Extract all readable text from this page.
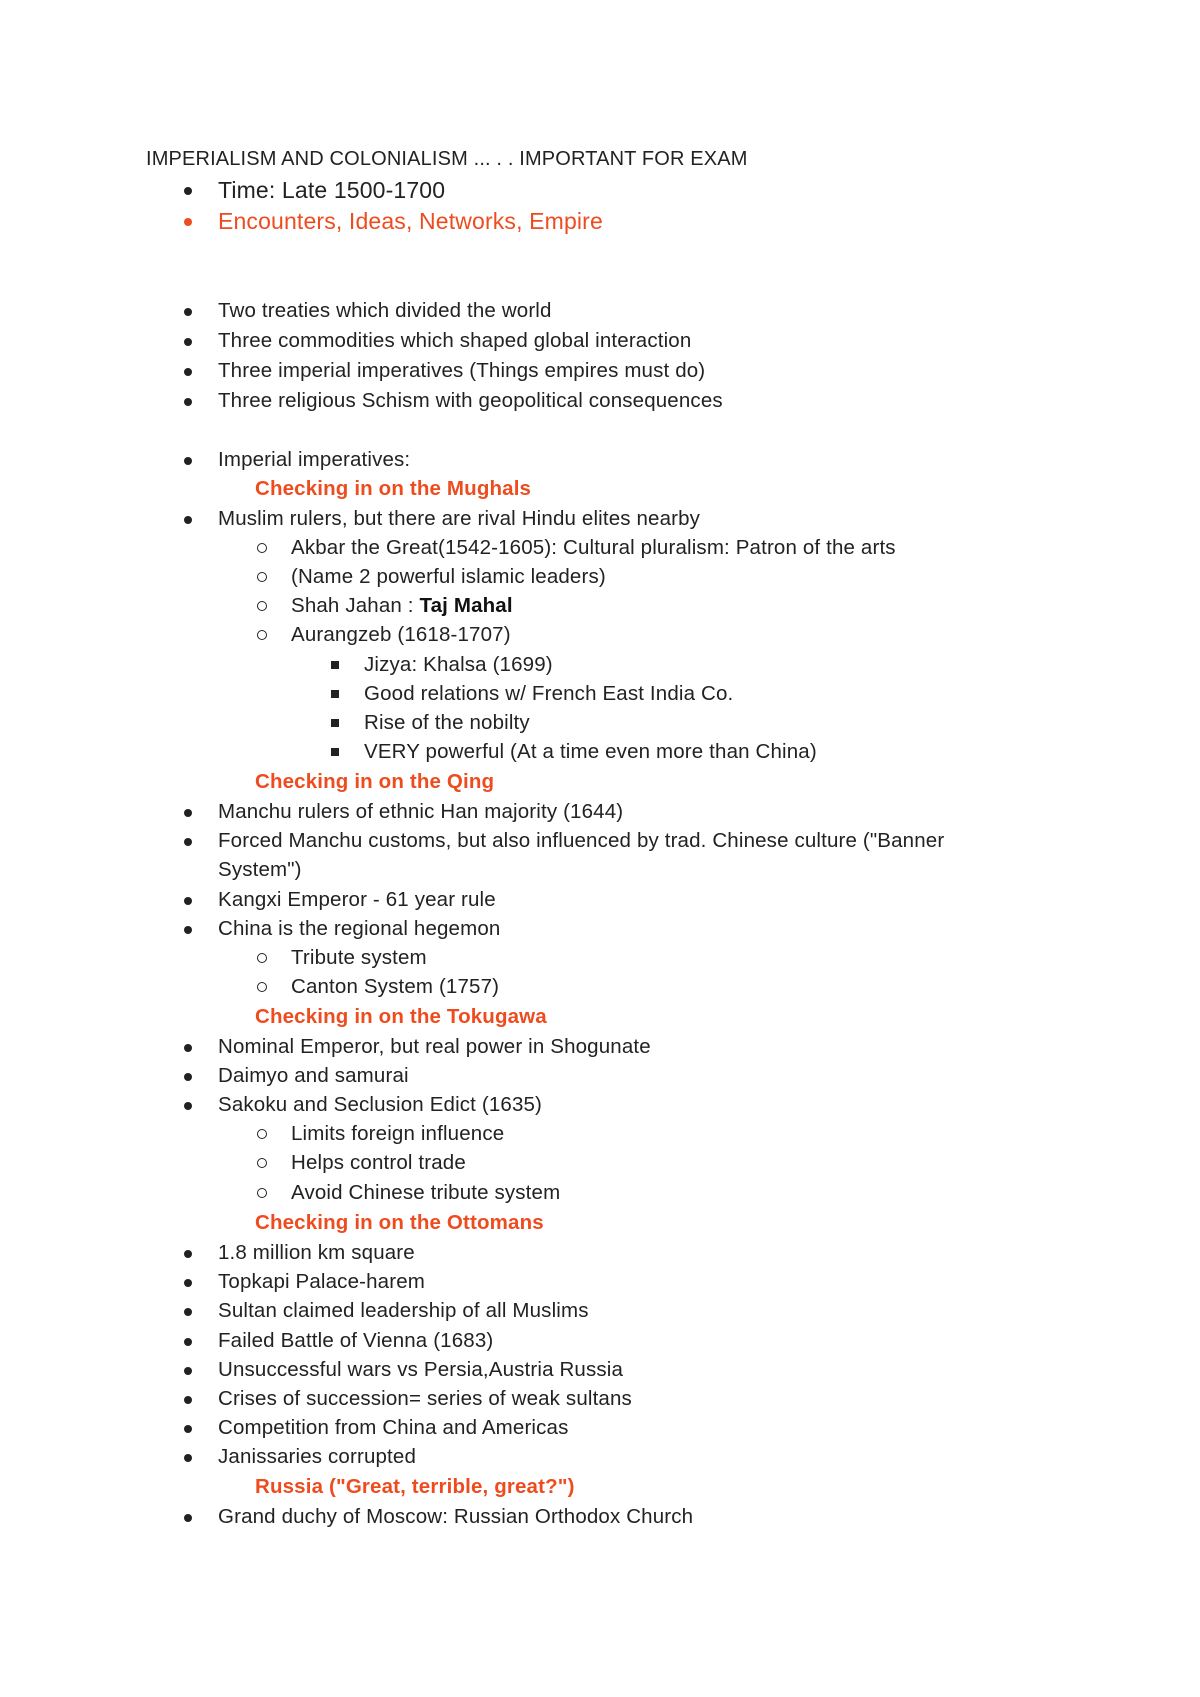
IMPERIALISM AND COLONIALISM ... . . IMPORTANT FOR EXAM
Time: Late 1500-1700
Encounters, Ideas, Networks, Empire
Two treaties which divided the world
Three commodities which shaped global interaction
Three imperial imperatives (Things empires must do)
Three religious Schism with geopolitical consequences
Imperial imperatives:
Checking in on the Mughals
Muslim rulers, but there are rival Hindu elites nearby
Akbar the Great(1542-1605): Cultural pluralism: Patron of the arts
(Name 2 powerful islamic leaders)
Shah Jahan : Taj Mahal
Aurangzeb (1618-1707)
Jizya: Khalsa (1699)
Good relations w/ French East India Co.
Rise of the nobilty
VERY powerful (At a time even more than China)
Checking in on the Qing
Manchu rulers of ethnic Han majority (1644)
Forced Manchu customs, but also influenced by trad. Chinese culture ("Banner
System")
Kangxi Emperor - 61 year rule
China is the regional hegemon
Tribute system
Canton System (1757)
Checking in on the Tokugawa
Nominal Emperor, but real power in Shogunate
Daimyo and samurai
Sakoku and Seclusion Edict (1635)
Limits foreign influence
Helps control trade
Avoid Chinese tribute system
Checking in on the Ottomans
1.8 million km square
Topkapi Palace-harem
Sultan claimed leadership of all Muslims
Failed Battle of Vienna (1683)
Unsuccessful wars vs Persia,Austria Russia
Crises of succession= series of weak sultans
Competition from China and Americas
Janissaries corrupted
Russia ("Great, terrible, great?")
Grand duchy of Moscow: Russian Orthodox Church
